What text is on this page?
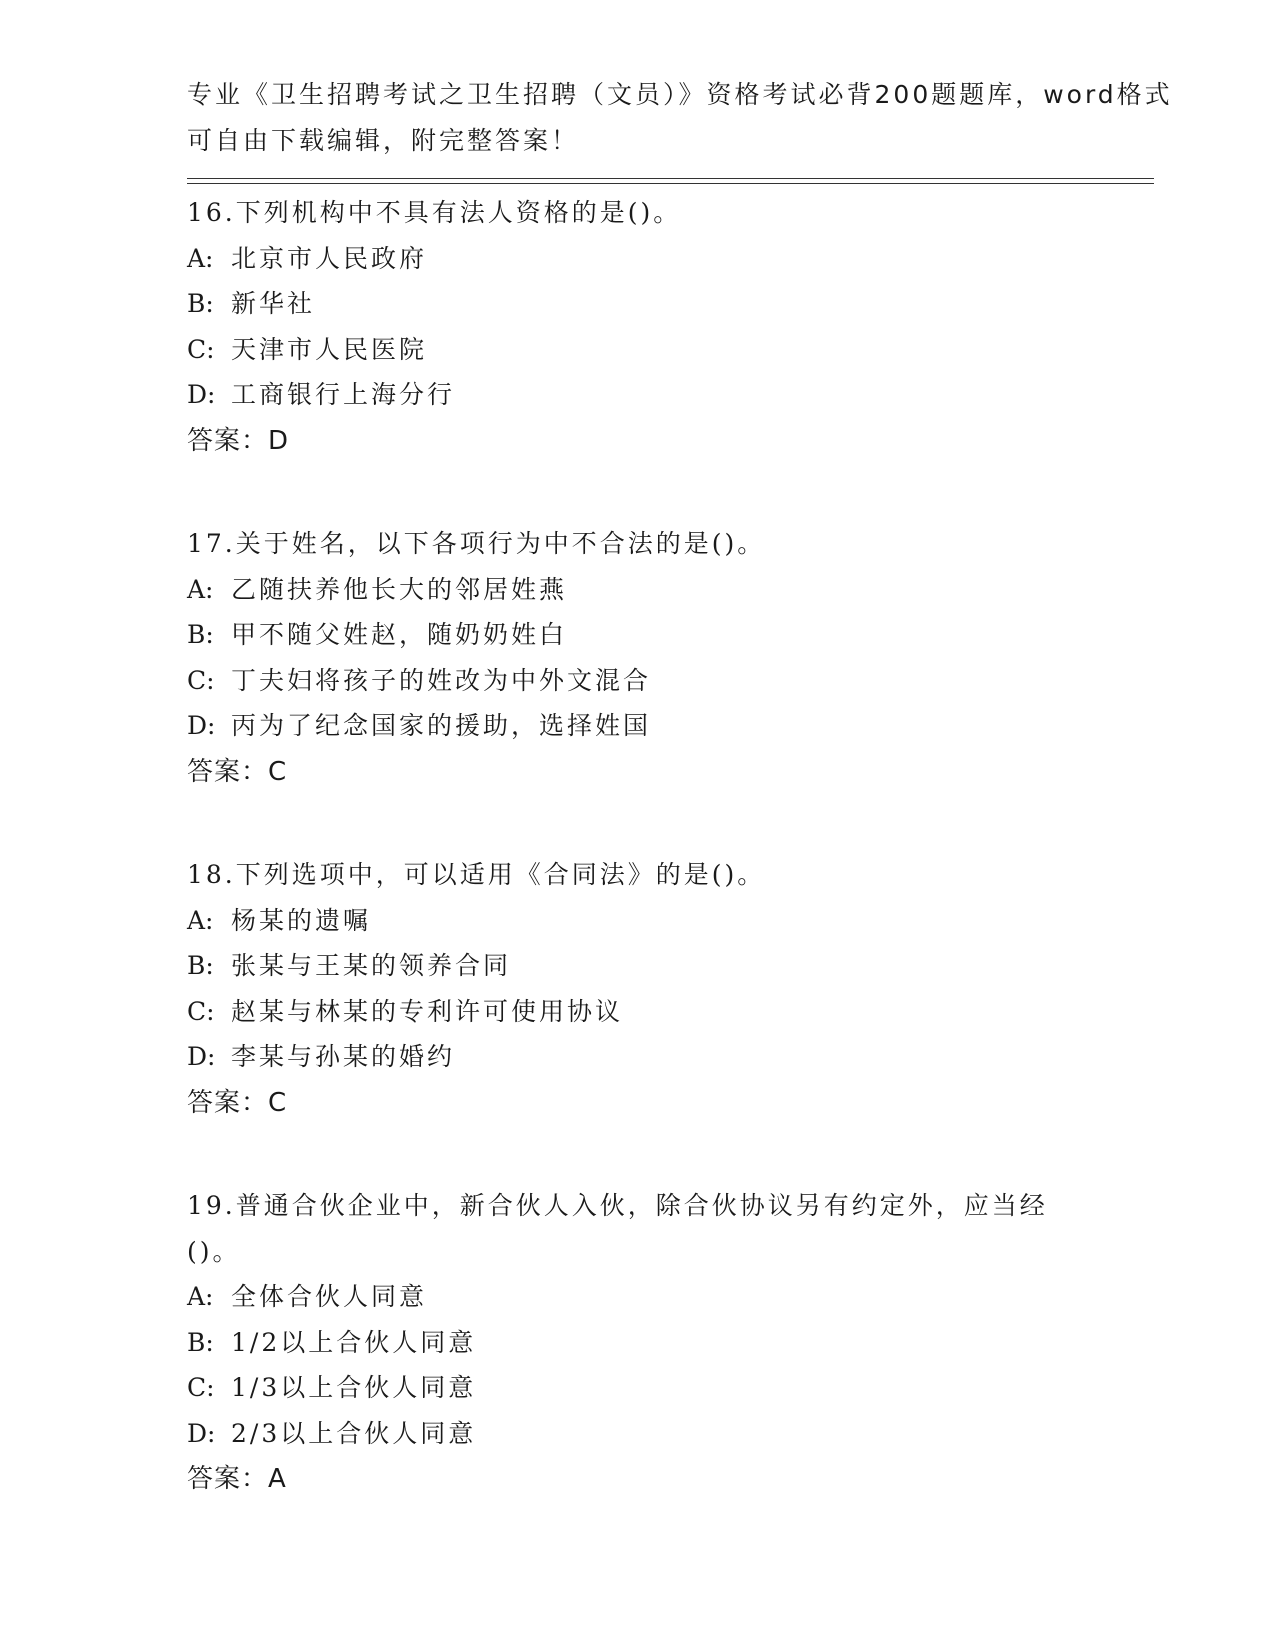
专业《卫生招聘考试之卫生招聘（文员）》资格考试必背200题题库，word格式
可自由下载编辑，附完整答案！
16.下列机构中不具有法人资格的是()。
A: 北京市人民政府
B: 新华社
C: 天津市人民医院
D: 工商银行上海分行
答案：D
17.关于姓名，以下各项行为中不合法的是()。
A: 乙随扶养他长大的邻居姓燕
B: 甲不随父姓赵，随奶奶姓白
C: 丁夫妇将孩子的姓改为中外文混合
D: 丙为了纪念国家的援助，选择姓国
答案：C
18.下列选项中，可以适用《合同法》的是()。
A: 杨某的遗嘱
B: 张某与王某的领养合同
C: 赵某与林某的专利许可使用协议
D: 李某与孙某的婚约
答案：C
19.普通合伙企业中，新合伙人入伙，除合伙协议另有约定外，应当经
()。
A: 全体合伙人同意
B: 1/2以上合伙人同意
C: 1/3以上合伙人同意
D: 2/3以上合伙人同意
答案：A
